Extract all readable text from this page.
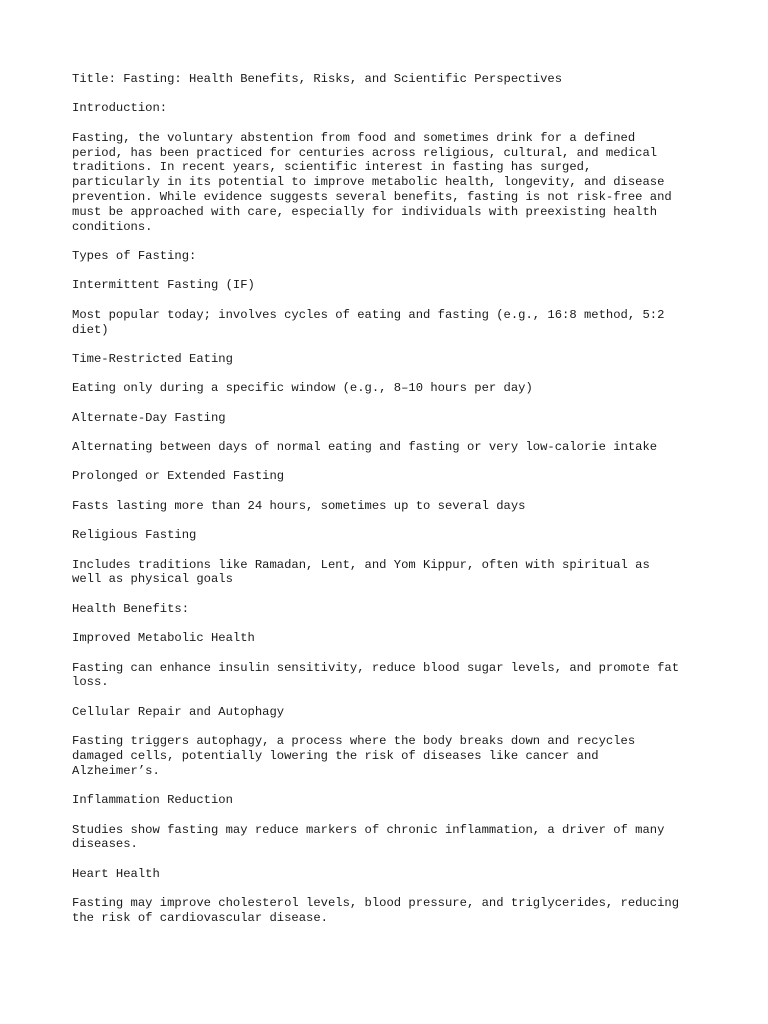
Title: Fasting: Health Benefits, Risks, and Scientific Perspectives

Introduction:

Fasting, the voluntary abstention from food and sometimes drink for a defined
period, has been practiced for centuries across religious, cultural, and medical
traditions. In recent years, scientific interest in fasting has surged,
particularly in its potential to improve metabolic health, longevity, and disease
prevention. While evidence suggests several benefits, fasting is not risk-free and
must be approached with care, especially for individuals with preexisting health
conditions.

Types of Fasting:

Intermittent Fasting (IF)

Most popular today; involves cycles of eating and fasting (e.g., 16:8 method, 5:2
diet)

Time-Restricted Eating

Eating only during a specific window (e.g., 8–10 hours per day)

Alternate-Day Fasting

Alternating between days of normal eating and fasting or very low-calorie intake

Prolonged or Extended Fasting

Fasts lasting more than 24 hours, sometimes up to several days

Religious Fasting

Includes traditions like Ramadan, Lent, and Yom Kippur, often with spiritual as
well as physical goals

Health Benefits:

Improved Metabolic Health

Fasting can enhance insulin sensitivity, reduce blood sugar levels, and promote fat
loss.

Cellular Repair and Autophagy

Fasting triggers autophagy, a process where the body breaks down and recycles
damaged cells, potentially lowering the risk of diseases like cancer and
Alzheimer’s.

Inflammation Reduction

Studies show fasting may reduce markers of chronic inflammation, a driver of many
diseases.

Heart Health

Fasting may improve cholesterol levels, blood pressure, and triglycerides, reducing
the risk of cardiovascular disease.
